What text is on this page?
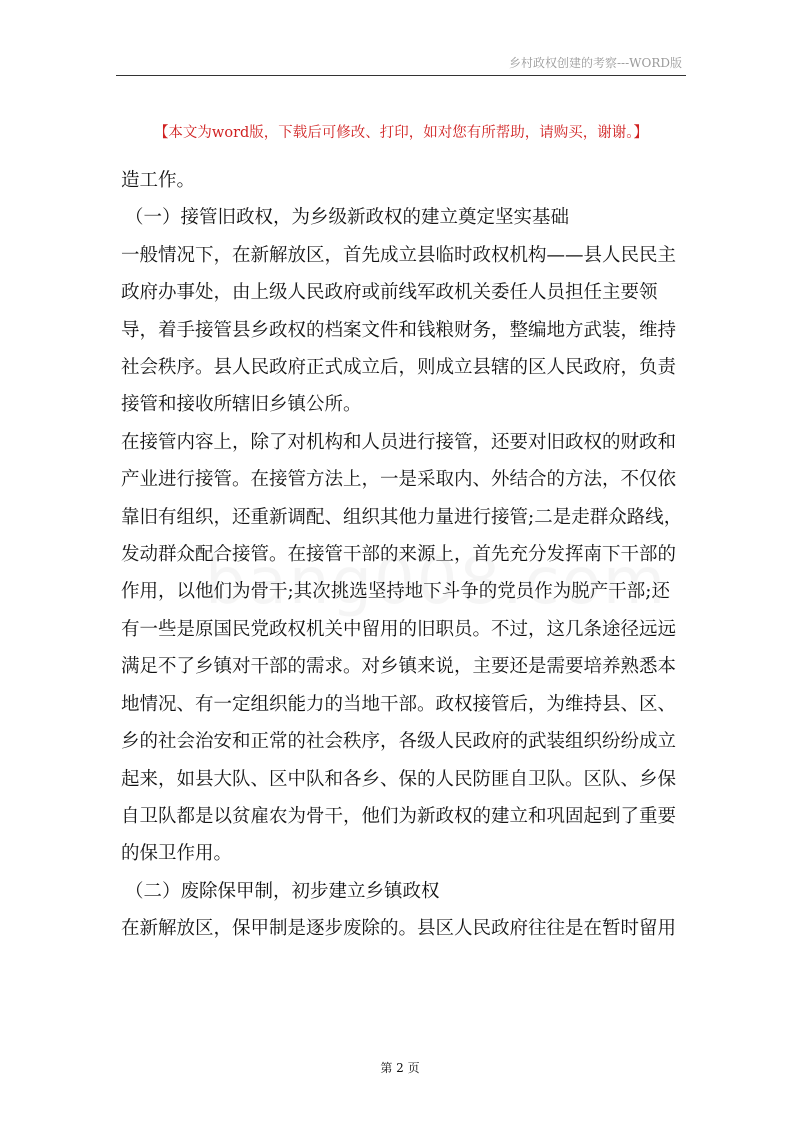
乡村政权创建的考察---WORD版
【本文为word版，下载后可修改、打印，如对您有所帮助，请购买，谢谢。】

造工作。

（一）接管旧政权，为乡级新政权的建立奠定坚实基础

一般情况下，在新解放区，首先成立县临时政权机构——县人民民主政府办事处，由上级人民政府或前线军政机关委任人员担任主要领导，着手接管县乡政权的档案文件和钱粮财务，整编地方武装，维持社会秩序。县人民政府正式成立后，则成立县辖的区人民政府，负责接管和接收所辖旧乡镇公所。

在接管内容上，除了对机构和人员进行接管，还要对旧政权的财政和产业进行接管。在接管方法上，一是采取内、外结合的方法，不仅依靠旧有组织，还重新调配、组织其他力量进行接管;二是走群众路线，发动群众配合接管。在接管干部的来源上，首先充分发挥南下干部的作用，以他们为骨干;其次挑选坚持地下斗争的党员作为脱产干部;还有一些是原国民党政权机关中留用的旧职员。不过，这几条途径远远满足不了乡镇对干部的需求。对乡镇来说，主要还是需要培养熟悉本地情况、有一定组织能力的当地干部。政权接管后，为维持县、区、乡的社会治安和正常的社会秩序，各级人民政府的武装组织纷纷成立起来，如县大队、区中队和各乡、保的人民防匪自卫队。区队、乡保自卫队都是以贫雇农为骨干，他们为新政权的建立和巩固起到了重要的保卫作用。

（二）废除保甲制，初步建立乡镇政权

在新解放区，保甲制是逐步废除的。县区人民政府往往是在暂时留用

第 2 页
